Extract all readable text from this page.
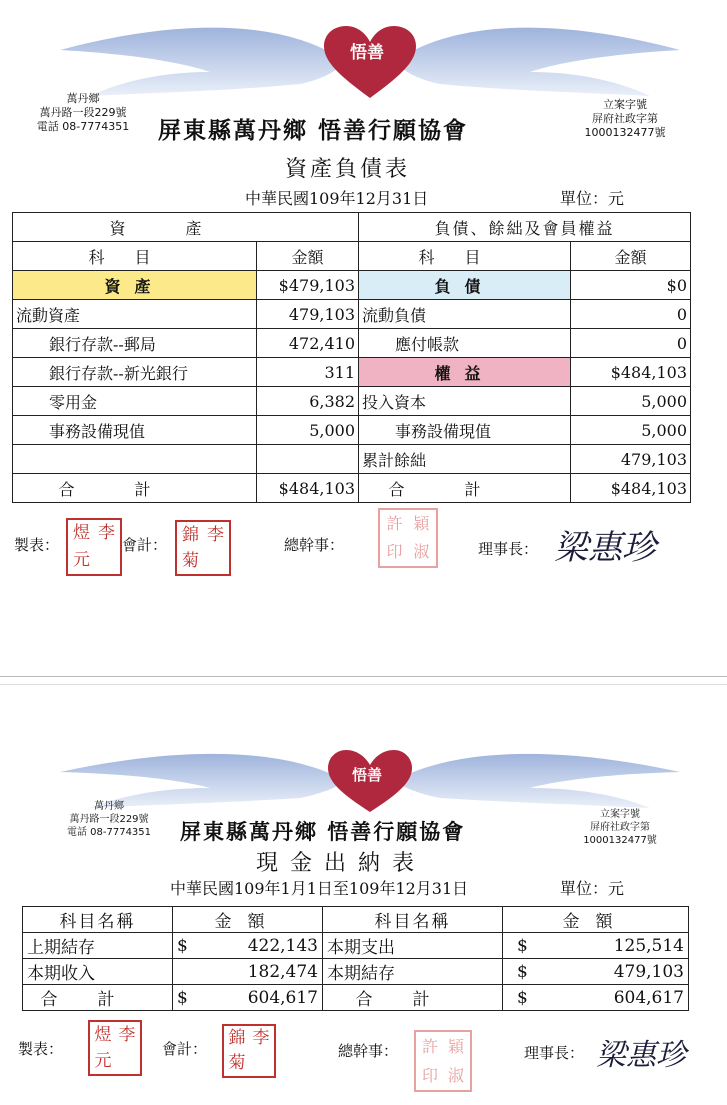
悟善
萬丹鄉
萬丹路一段229號
電話 08-7774351	屏東縣萬丹鄉 悟善行願協會
立案字號
屏府社政字第
1000132477號
資產負債表
中華民國109年12月31日	單位：元
資產		負債、餘絀及會員權益	
科目	金額	科目	金額
資產	$479,103	負債	$0
流動資產	479,103	流動負債	0
銀行存款--郵局	472,410	應付帳款	0
銀行存款--新光銀行	311	權益	$484,103
零用金	6,382	投入資本	5,000
事務設備現值	5,000	事務設備現值	5,000
		累計餘絀	479,103
合計	$484,103	合計	$484,103
製表：
煜 李
元
會計：
錦 李
菊
總幹事：
許 穎
印 淑	理事長： 梁惠珍
悟善
萬丹鄉
萬丹路一段229號
電話 08-7774351	屏東縣萬丹鄉 悟善行願協會
立案字號
屏府社政字第
1000132477號
現金出納表
中華民國109年1月1日至109年12月31日	單位：元
科目名稱	金額	科目名稱	金額
上期結存	$ 422,143	本期支出	$ 125,514

本期收入	182,474	本期結存	$ 479,103

合計	$ 604,617	合計	$ 604,617
製表：
煜 李
元
會計：
錦 李
菊
總幹事：	許 穎
印 淑
理事長： 梁惠珍
